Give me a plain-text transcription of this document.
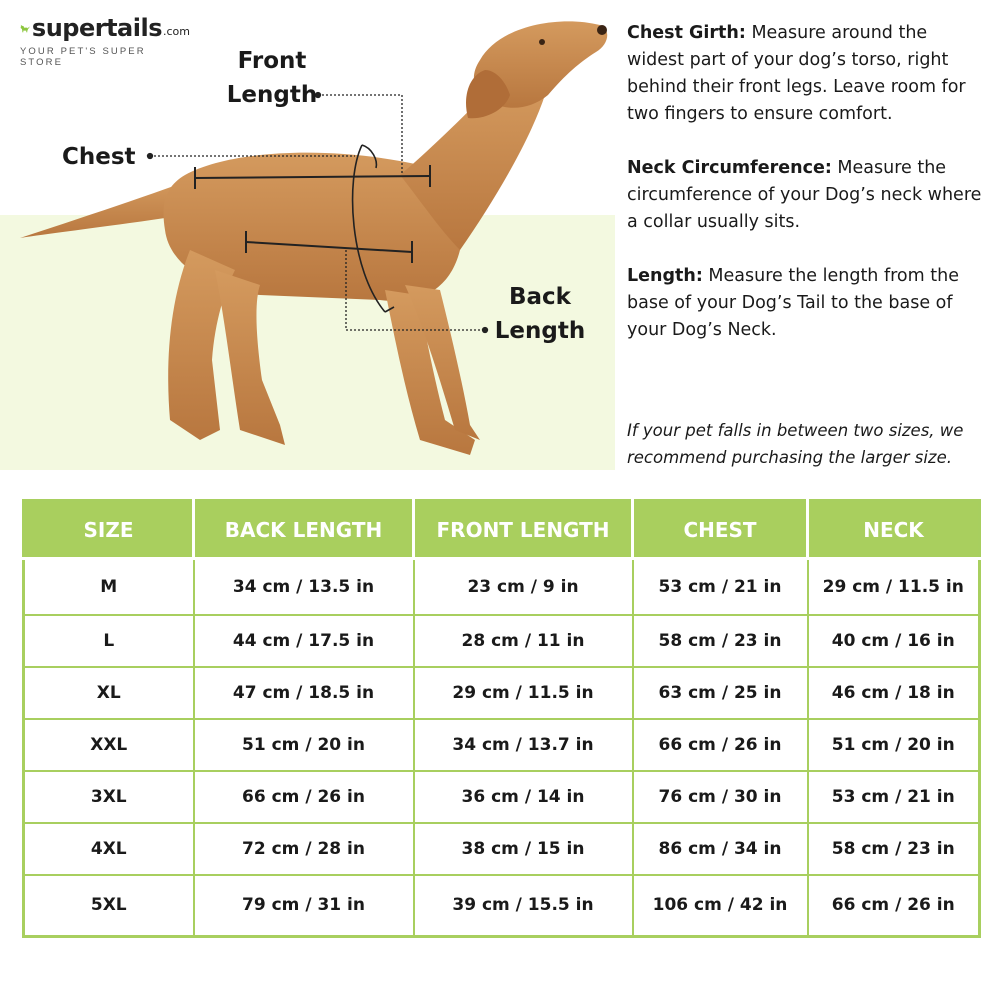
supertails .com
YOUR PET'S SUPER STORE	Front
Length
Chest
Back
Length

Chest Girth: Measure around the widest part of your dog’s torso, right behind their front legs. Leave room for two fingers to ensure comfort.

Neck Circumference: Measure the circumference of your Dog’s neck where a collar usually sits.

Length: Measure the length from the base of your Dog’s Tail to the base of your Dog’s Neck.

If your pet falls in between two sizes, we recommend purchasing the larger size.

SIZE	BACK LENGTH	FRONT LENGTH	CHEST	NECK
M	34 cm / 13.5 in	23 cm / 9 in	53 cm / 21 in	29 cm / 11.5 in
L	44 cm / 17.5 in	28 cm / 11 in	58 cm / 23 in	40 cm / 16 in
XL	47 cm / 18.5 in	29 cm / 11.5 in	63 cm / 25 in	46 cm / 18 in
XXL	51 cm / 20 in	34 cm / 13.7 in	66 cm / 26 in	51 cm / 20 in
3XL	66 cm / 26 in	36 cm / 14 in	76 cm / 30 in	53 cm / 21 in
4XL	72 cm / 28 in	38 cm / 15 in	86 cm / 34 in	58 cm / 23 in
5XL	79 cm / 31 in	39 cm / 15.5 in	106 cm / 42 in	66 cm / 26 in
